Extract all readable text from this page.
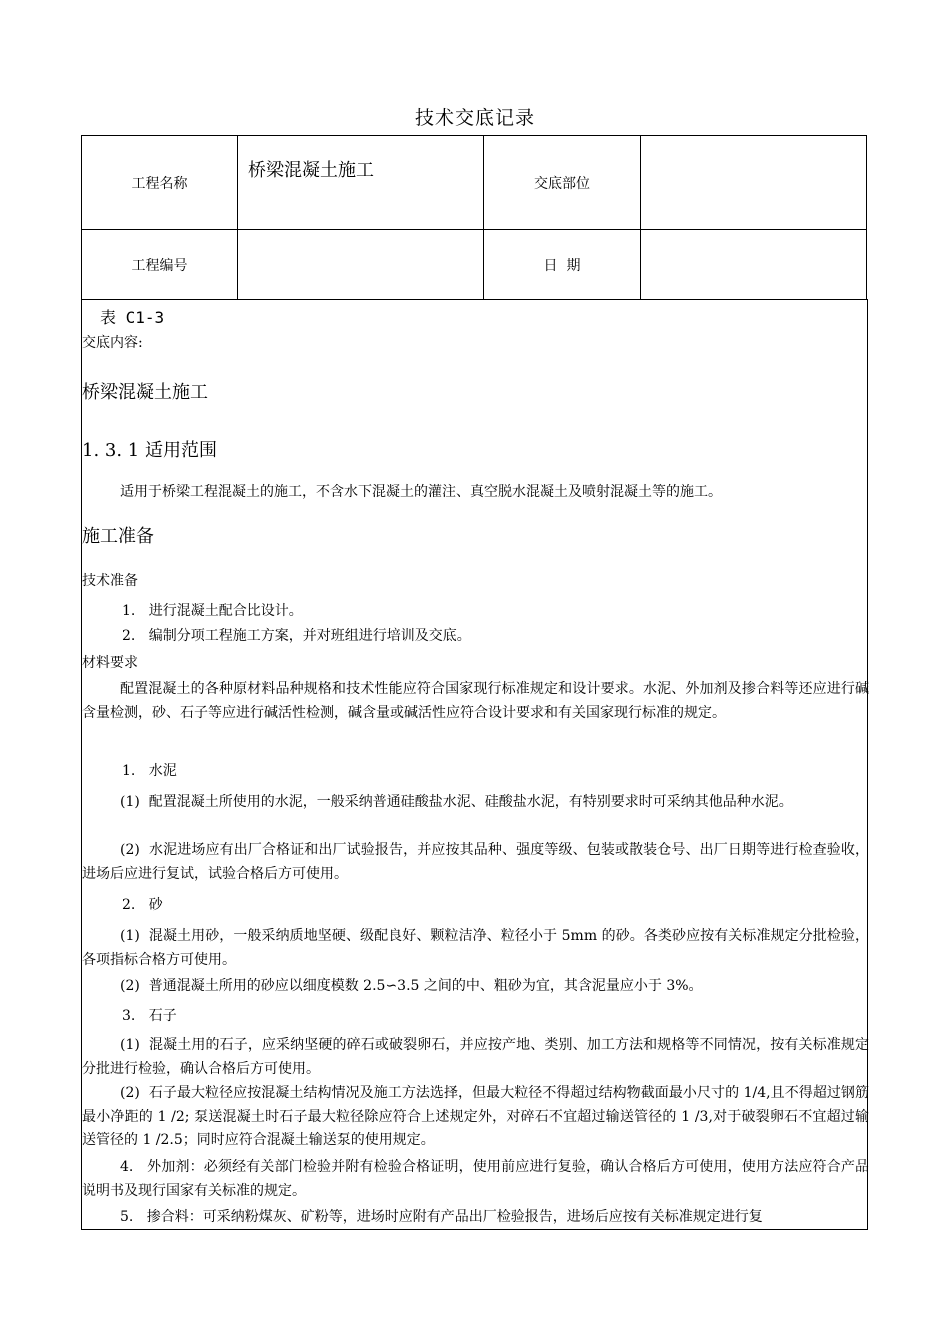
技术交底记录
工程名称	桥梁混凝土施工	交底部位	
工程编号		日  期	
表 C1-3
交底内容:
桥梁混凝土施工
1. 3. 1 适用范围
适用于桥梁工程混凝土的施工，不含水下混凝土的灌注、真空脱水混凝土及喷射混凝土等的施工。
施工准备
技术准备
1.   进行混凝土配合比设计。
2.   编制分项工程施工方案，并对班组进行培训及交底。
材料要求
配置混凝土的各种原材料品种规格和技术性能应符合国家现行标准规定和设计要求。水泥、外加剂及掺合料等还应进行碱含量检测，砂、石子等应进行碱活性检测，碱含量或碱活性应符合设计要求和有关国家现行标准的规定。
1.   水泥
(1)  配置混凝土所使用的水泥，一般采纳普通硅酸盐水泥、硅酸盐水泥，有特别要求时可采纳其他品种水泥。
(2)  水泥进场应有出厂合格证和出厂试验报告，并应按其品种、强度等级、包装或散装仓号、出厂日期等进行检查验收，进场后应进行复试，试验合格后方可使用。
2.   砂
(1)  混凝土用砂，一般采纳质地坚硬、级配良好、颗粒洁净、粒径小于 5mm 的砂。各类砂应按有关标准规定分批检验，各项指标合格方可使用。
(2)  普通混凝土所用的砂应以细度模数 2.5∽3.5 之间的中、粗砂为宜，其含泥量应小于 3%。
3.   石子
(1)  混凝土用的石子，应采纳坚硬的碎石或破裂卵石，并应按产地、类别、加工方法和规格等不同情况，按有关标准规定分批进行检验，确认合格后方可使用。
(2)  石子最大粒径应按混凝土结构情况及施工方法选择，但最大粒径不得超过结构物截面最小尺寸的 1/4,且不得超过钢筋最小净距的 1 /2; 泵送混凝土时石子最大粒径除应符合上述规定外，对碎石不宜超过输送管径的 1 /3,对于破裂卵石不宜超过输送管径的 1 /2.5；同时应符合混凝土输送泵的使用规定。
4.   外加剂：必须经有关部门检验并附有检验合格证明，使用前应进行复验，确认合格后方可使用，使用方法应符合产品说明书及现行国家有关标准的规定。
5.   掺合料：可采纳粉煤灰、矿粉等，进场时应附有产品出厂检验报告，进场后应按有关标准规定进行复
